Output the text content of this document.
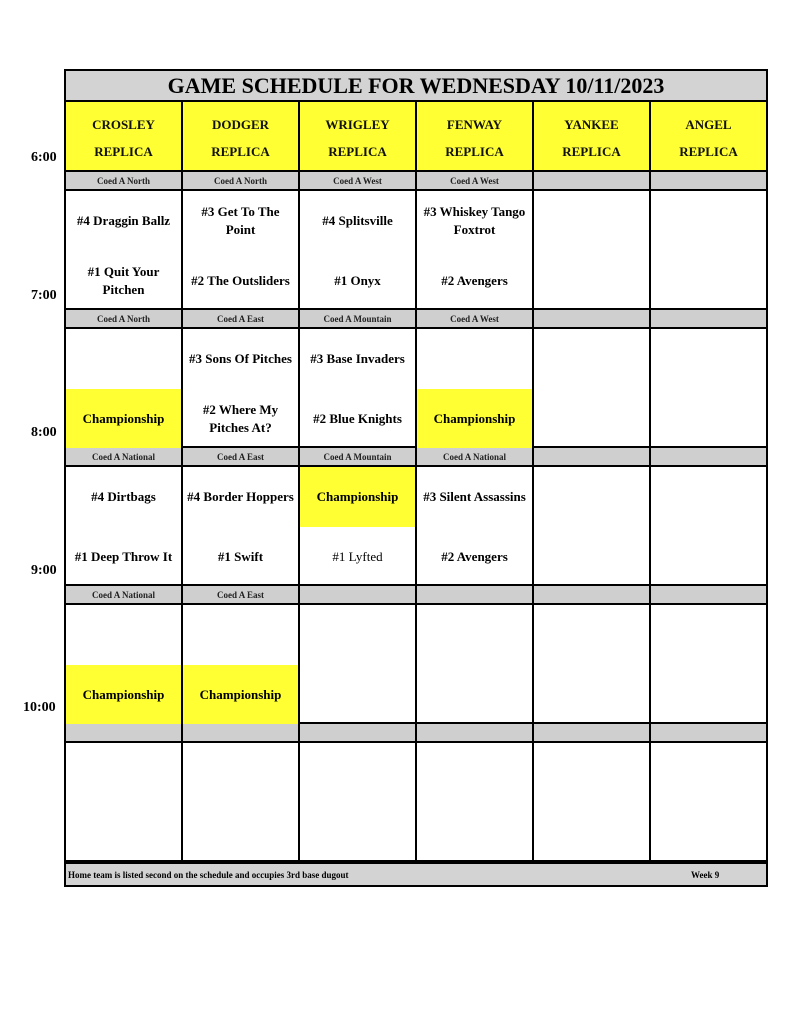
GAME SCHEDULE FOR WEDNESDAY 10/11/2023
CROSLEY
REPLICA
DODGER
REPLICA
WRIGLEY
REPLICA
FENWAY
REPLICA
YANKEE
REPLICA
ANGEL
REPLICA
Coed A North
#4 Draggin Ballz
#1 Quit Your Pitchen
Coed A North
#3 Get To The Point
#2 The Outsliders
Coed A West
#4 Splitsville
#1 Onyx
Coed A West
#3 Whiskey Tango Foxtrot
#2 Avengers
Coed A North
Championship
Coed A East
#3 Sons Of Pitches
#2 Where My Pitches At?
Coed A Mountain
#3 Base Invaders
#2 Blue Knights
Coed A West
Championship
Coed A National
#4 Dirtbags
#1 Deep Throw It
Coed A East
#4 Border Hoppers
#1 Swift
Coed A Mountain
Championship
#1 Lyfted
Coed A National
#3 Silent Assassins
#2 Avengers
Coed A National
Championship
Coed A East
Championship
Home team is listed second on the schedule and occupies 3rd base dugout	Week 9
6:00
7:00
8:00
9:00
10:00
